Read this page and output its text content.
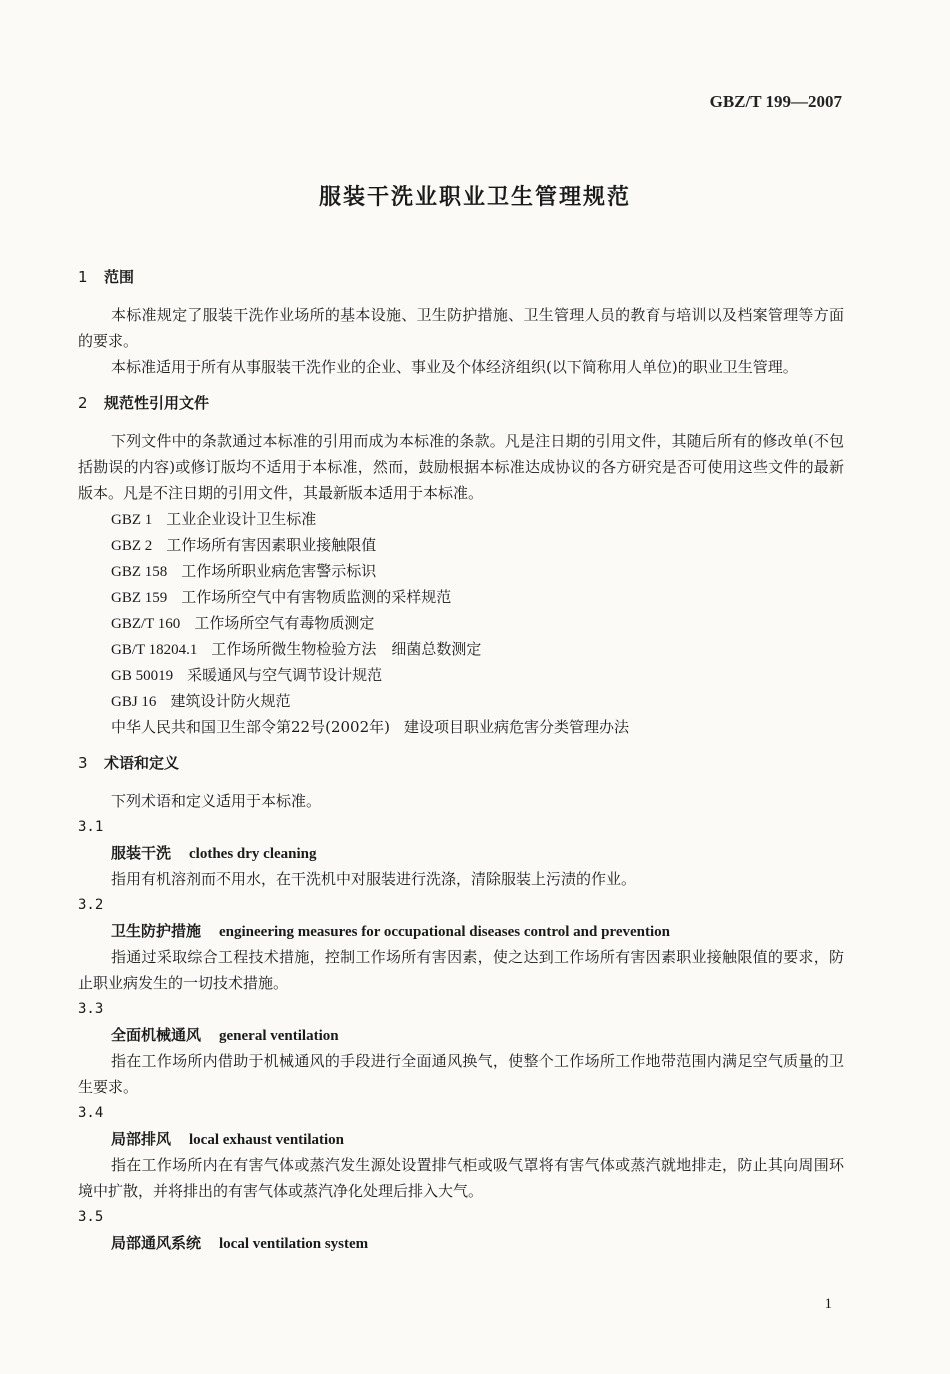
GBZ/T 199—2007
服装干洗业职业卫生管理规范
1 范围

本标准规定了服装干洗作业场所的基本设施、卫生防护措施、卫生管理人员的教育与培训以及档案管理等方面的要求。

本标准适用于所有从事服装干洗作业的企业、事业及个体经济组织(以下简称用人单位)的职业卫生管理。

2 规范性引用文件

下列文件中的条款通过本标准的引用而成为本标准的条款。凡是注日期的引用文件，其随后所有的修改单(不包括勘误的内容)或修订版均不适用于本标准，然而，鼓励根据本标准达成协议的各方研究是否可使用这些文件的最新版本。凡是不注日期的引用文件，其最新版本适用于本标准。

GBZ 1 工业企业设计卫生标准
GBZ 2 工作场所有害因素职业接触限值
GBZ 158 工作场所职业病危害警示标识
GBZ 159 工作场所空气中有害物质监测的采样规范
GBZ/T 160 工作场所空气有毒物质测定
GB/T 18204.1 工作场所微生物检验方法　细菌总数测定
GB 50019 采暖通风与空气调节设计规范
GBJ 16 建筑设计防火规范
中华人民共和国卫生部令第22号(2002年) 建设项目职业病危害分类管理办法
3 术语和定义

下列术语和定义适用于本标准。

3.1
服装干洗 clothes dry cleaning

指用有机溶剂而不用水，在干洗机中对服装进行洗涤，清除服装上污渍的作业。

3.2
卫生防护措施 engineering measures for occupational diseases control and prevention

指通过采取综合工程技术措施，控制工作场所有害因素，使之达到工作场所有害因素职业接触限值的要求，防止职业病发生的一切技术措施。

3.3
全面机械通风 general ventilation

指在工作场所内借助于机械通风的手段进行全面通风换气，使整个工作场所工作地带范围内满足空气质量的卫生要求。

3.4
局部排风 local exhaust ventilation

指在工作场所内在有害气体或蒸汽发生源处设置排气柜或吸气罩将有害气体或蒸汽就地排走，防止其向周围环境中扩散，并将排出的有害气体或蒸汽净化处理后排入大气。

3.5
局部通风系统 local ventilation system
1
